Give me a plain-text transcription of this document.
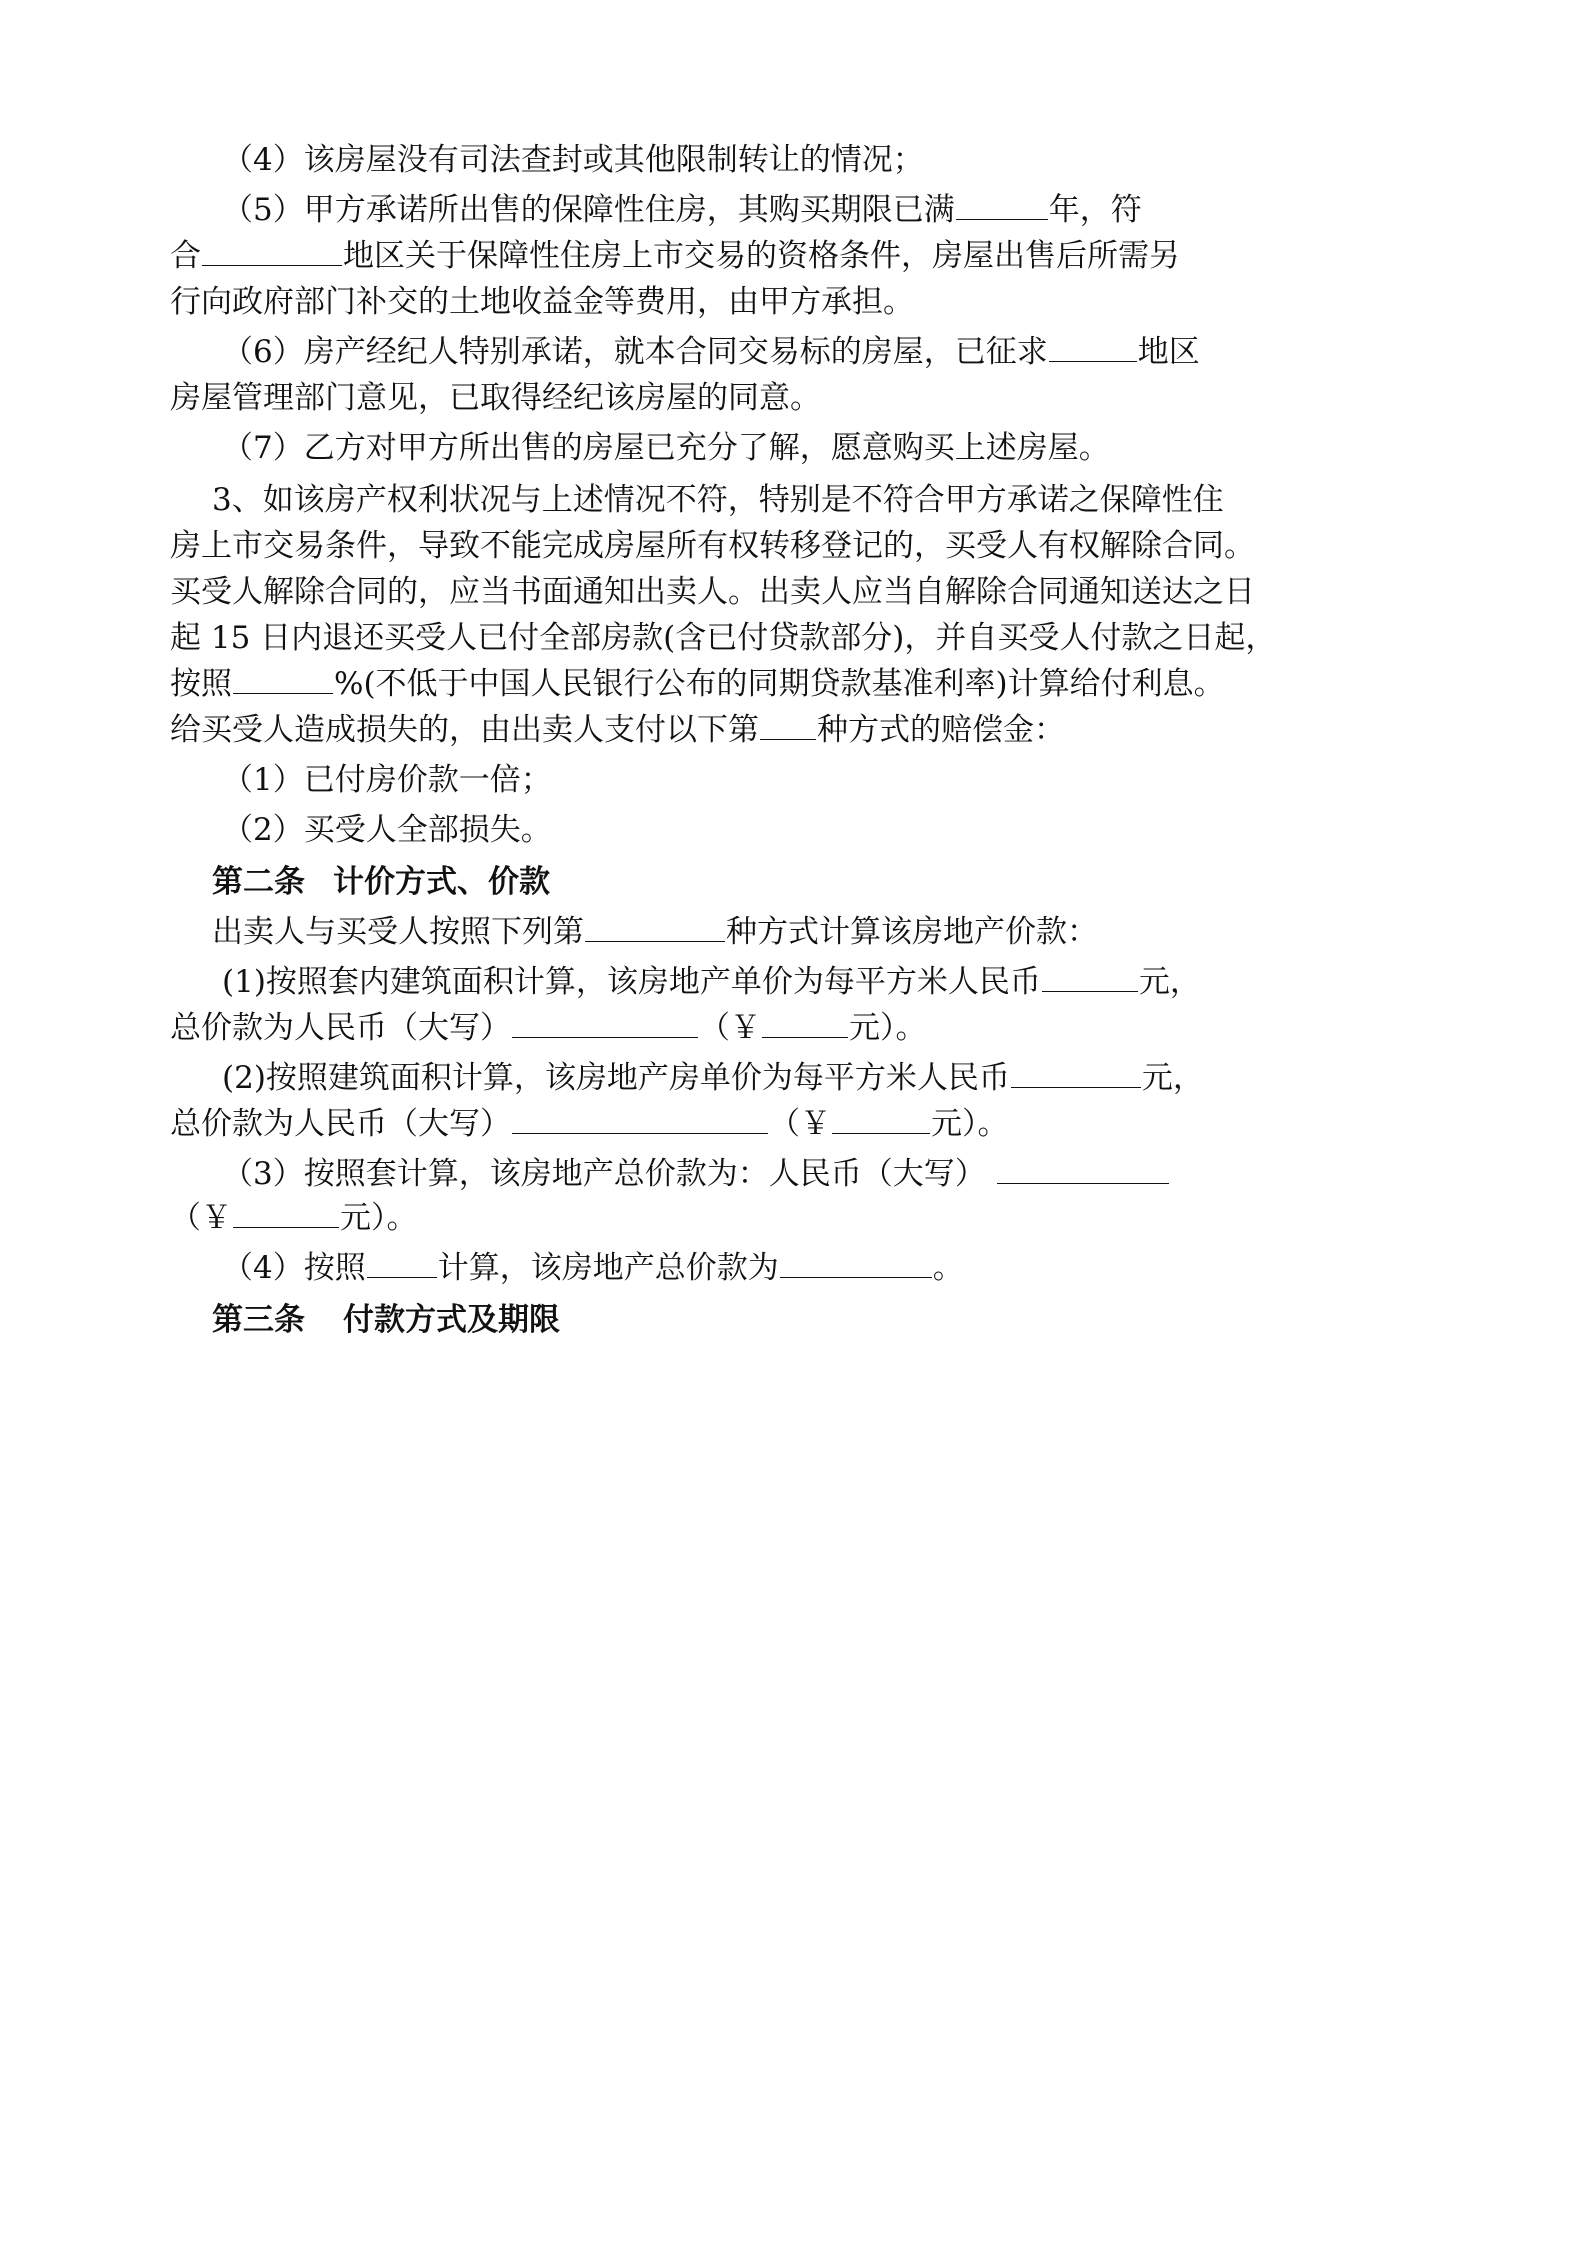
（4）该房屋没有司法查封或其他限制转让的情况；
（5）甲方承诺所出售的保障性住房，其购买期限已满	年，符
合	地区关于保障性住房上市交易的资格条件，房屋出售后所需另
行向政府部门补交的土地收益金等费用，由甲方承担。
（6）房产经纪人特别承诺，就本合同交易标的房屋，已征求	地区
房屋管理部门意见，已取得经纪该房屋的同意。
（7）乙方对甲方所出售的房屋已充分了解，愿意购买上述房屋。
3、如该房产权利状况与上述情况不符，特别是不符合甲方承诺之保障性住
房上市交易条件，导致不能完成房屋所有权转移登记的，买受人有权解除合同。
买受人解除合同的，应当书面通知出卖人。出卖人应当自解除合同通知送达之日
起 15 日内退还买受人已付全部房款(含已付贷款部分)，并自买受人付款之日起，
按照	%(不低于中国人民银行公布的同期贷款基准利率)计算给付利息。
给买受人造成损失的，由出卖人支付以下第 种方式的赔偿金：
（1）已付房价款一倍；
（2）买受人全部损失。
第二条 计价方式、价款
出卖人与买受人按照下列第	种方式计算该房地产价款：
(1)按照套内建筑面积计算，该房地产单价为每平方米人民币	元，
总价款为人民币（大写）	（￥	元）。
(2)按照建筑面积计算，该房地产房单价为每平方米人民币	元，
总价款为人民币（大写）	（￥	元）。
（3）按照套计算，该房地产总价款为：人民币（大写）
（￥	元）。
（4）按照 计算，该房地产总价款为	。
第三条 付款方式及期限
